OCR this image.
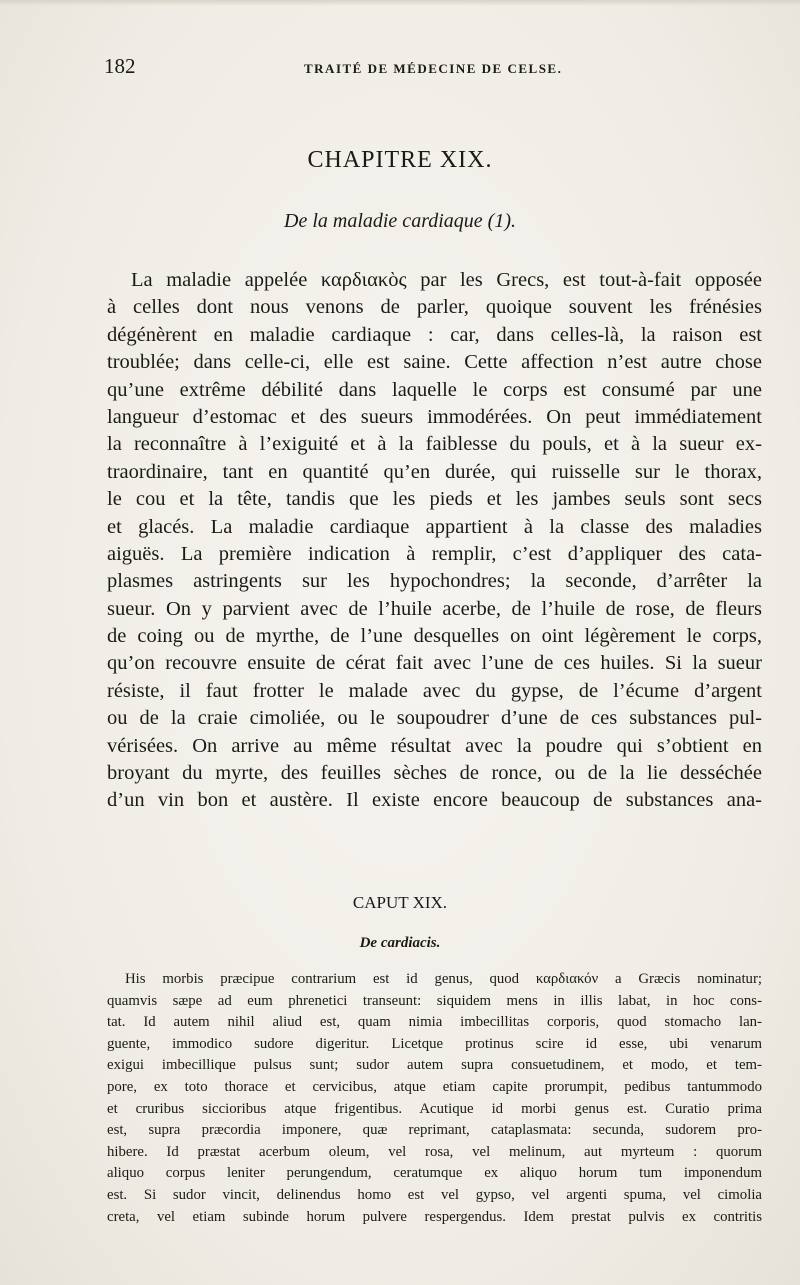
182	TRAITÉ DE MÉDECINE DE CELSE.
CHAPITRE XIX.
De la maladie cardiaque (1).
La maladie appelée καρδιακὸς par les Grecs, est tout-à-fait opposée
à celles dont nous venons de parler, quoique souvent les frénésies
dégénèrent en maladie cardiaque : car, dans celles-là, la raison est
troublée; dans celle-ci, elle est saine. Cette affection n’est autre chose
qu’une extrême débilité dans laquelle le corps est consumé par une
langueur d’estomac et des sueurs immodérées. On peut immédiatement
la reconnaître à l’exiguité et à la faiblesse du pouls, et à la sueur ex-
traordinaire, tant en quantité qu’en durée, qui ruisselle sur le thorax,
le cou et la tête, tandis que les pieds et les jambes seuls sont secs
et glacés. La maladie cardiaque appartient à la classe des maladies
aiguës. La première indication à remplir, c’est d’appliquer des cata-
plasmes astringents sur les hypochondres; la seconde, d’arrêter la
sueur. On y parvient avec de l’huile acerbe, de l’huile de rose, de fleurs
de coing ou de myrthe, de l’une desquelles on oint légèrement le corps,
qu’on recouvre ensuite de cérat fait avec l’une de ces huiles. Si la sueur
résiste, il faut frotter le malade avec du gypse, de l’écume d’argent
ou de la craie cimoliée, ou le soupoudrer d’une de ces substances pul-
vérisées. On arrive au même résultat avec la poudre qui s’obtient en
broyant du myrte, des feuilles sèches de ronce, ou de la lie desséchée
d’un vin bon et austère. Il existe encore beaucoup de substances ana-
CAPUT XIX.
De cardiacis.
His morbis præcipue contrarium est id genus, quod καρδιακόν a Græcis nominatur;
quamvis sæpe ad eum phrenetici transeunt: siquidem mens in illis labat, in hoc cons-
tat. Id autem nihil aliud est, quam nimia imbecillitas corporis, quod stomacho lan-
guente, immodico sudore digeritur. Licetque protinus scire id esse, ubi venarum
exigui imbecillique pulsus sunt; sudor autem supra consuetudinem, et modo, et tem-
pore, ex toto thorace et cervicibus, atque etiam capite prorumpit, pedibus tantummodo
et cruribus siccioribus atque frigentibus. Acutique id morbi genus est. Curatio prima
est, supra præcordia imponere, quæ reprimant, cataplasmata: secunda, sudorem pro-
hibere. Id præstat acerbum oleum, vel rosa, vel melinum, aut myrteum : quorum
aliquo corpus leniter perungendum, ceratumque ex aliquo horum tum imponendum
est. Si sudor vincit, delinendus homo est vel gypso, vel argenti spuma, vel cimolia
creta, vel etiam subinde horum pulvere respergendus. Idem prestat pulvis ex contritis
